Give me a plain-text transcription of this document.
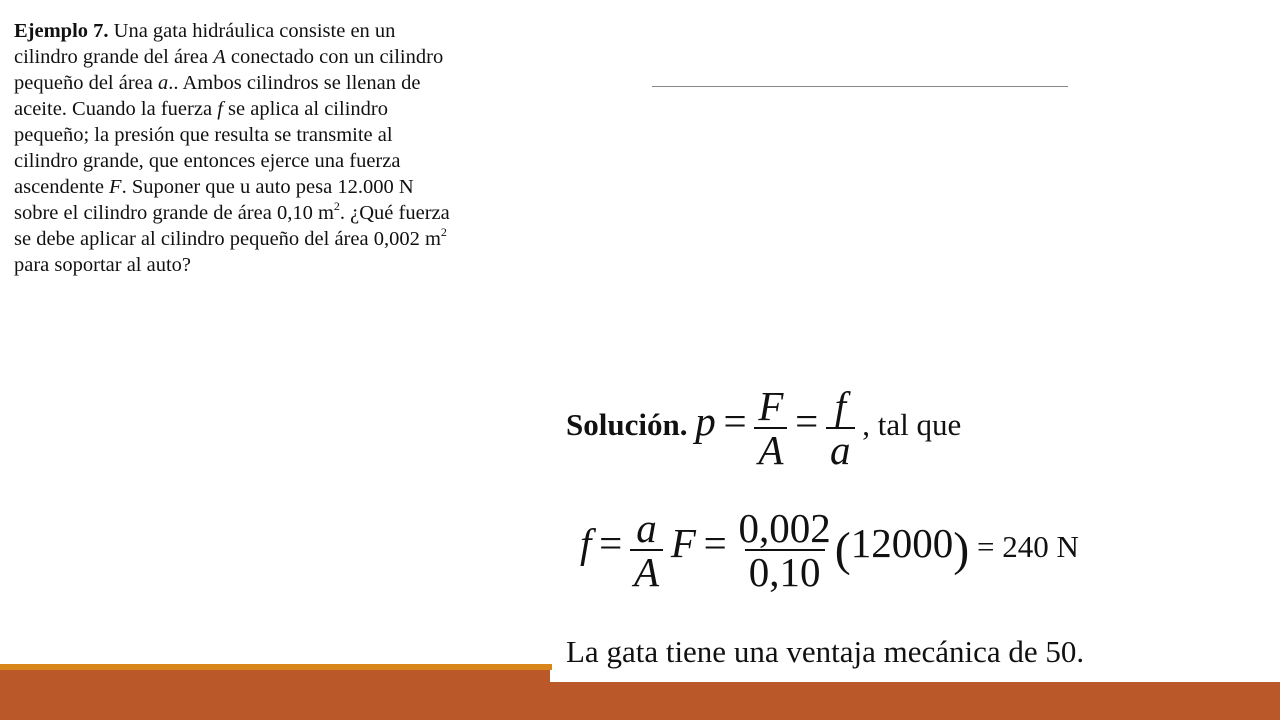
Ejemplo 7. Una gata hidráulica consiste en un
cilindro grande del área A conectado con un cilindro
pequeño del área a.. Ambos cilindros se llenan de
aceite. Cuando la fuerza f se aplica al cilindro
pequeño; la presión que resulta se transmite al
cilindro grande, que entonces ejerce una fuerza
ascendente F. Suponer que u auto pesa 12.000 N
sobre el cilindro grande de área 0,10 $m^2$. ¿Qué fuerza
se debe aplicar al cilindro pequeño del área 0,002 $m^2$
para soportar al auto?
Solución. $p = \frac{F}{A} = \frac{f}{a}$ , tal que
$f = \frac{a}{A}$ $F = \frac{0,002}{0,10} (12000) = 240$ N
La gata tiene una ventaja mecánica de 50.
